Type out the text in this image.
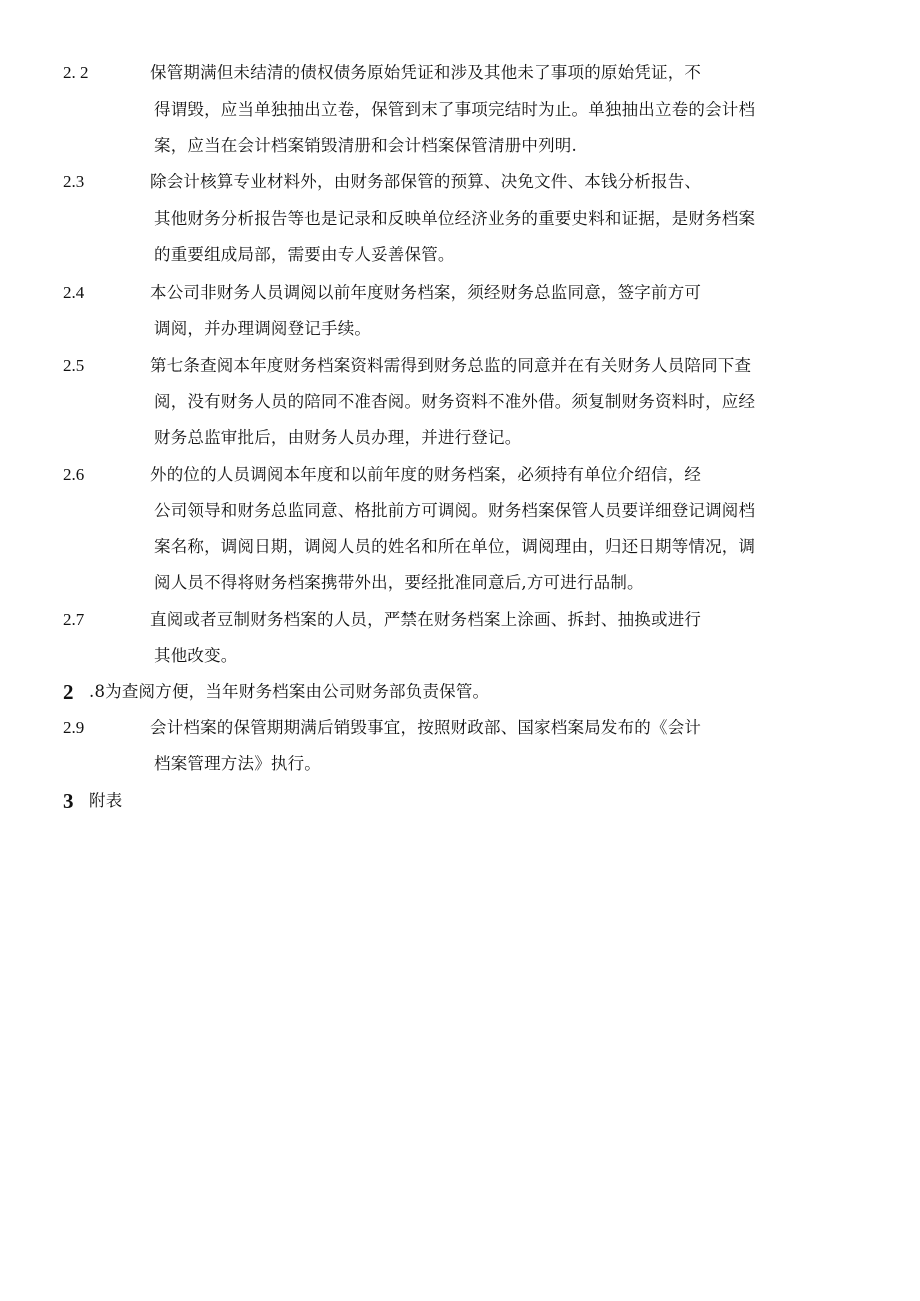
2. 2	保管期满但未结清的债权债务原始凭证和涉及其他未了事项的原始凭证，不
得谓毁，应当单独抽出立卷，保管到末了事项完结时为止。单独抽出立卷的会计档
案，应当在会计档案销毁清册和会计档案保管清册中列明.
2.3	除会计核算专业材料外，由财务部保管的预算、决免文件、本钱分析报告、
其他财务分析报告等也是记录和反映单位经济业务的重要史料和证据，是财务档案
的重要组成局部，需要由专人妥善保管。
2.4	本公司非财务人员调阅以前年度财务档案，须经财务总监同意，签字前方可
调阅，并办理调阅登记手续。
2.5	第七条查阅本年度财务档案资料需得到财务总监的同意并在有关财务人员陪同下查
阅，没有财务人员的陪同不准杳阅。财务资料不准外借。须复制财务资料时，应经
财务总监审批后，由财务人员办理，并进行登记。
2.6	外的位的人员调阅本年度和以前年度的财务档案，必须持有单位介绍信，经
公司领导和财务总监同意、格批前方可调阅。财务档案保管人员要详细登记调阅档
案名称，调阅日期，调阅人员的姓名和所在单位，调阅理由，归还日期等情况，调
阅人员不得将财务档案携带外出，要经批准同意后,方可进行品制。
2.7	直阅或者豆制财务档案的人员，严禁在财务档案上涂画、拆封、抽换或进行
其他改变。
2 .8为查阅方便，当年财务档案由公司财务部负责保管。
2.9	会计档案的保管期期满后销毁事宜，按照财政部、国家档案局发布的《会计
档案管理方法》执行。
3 附表
